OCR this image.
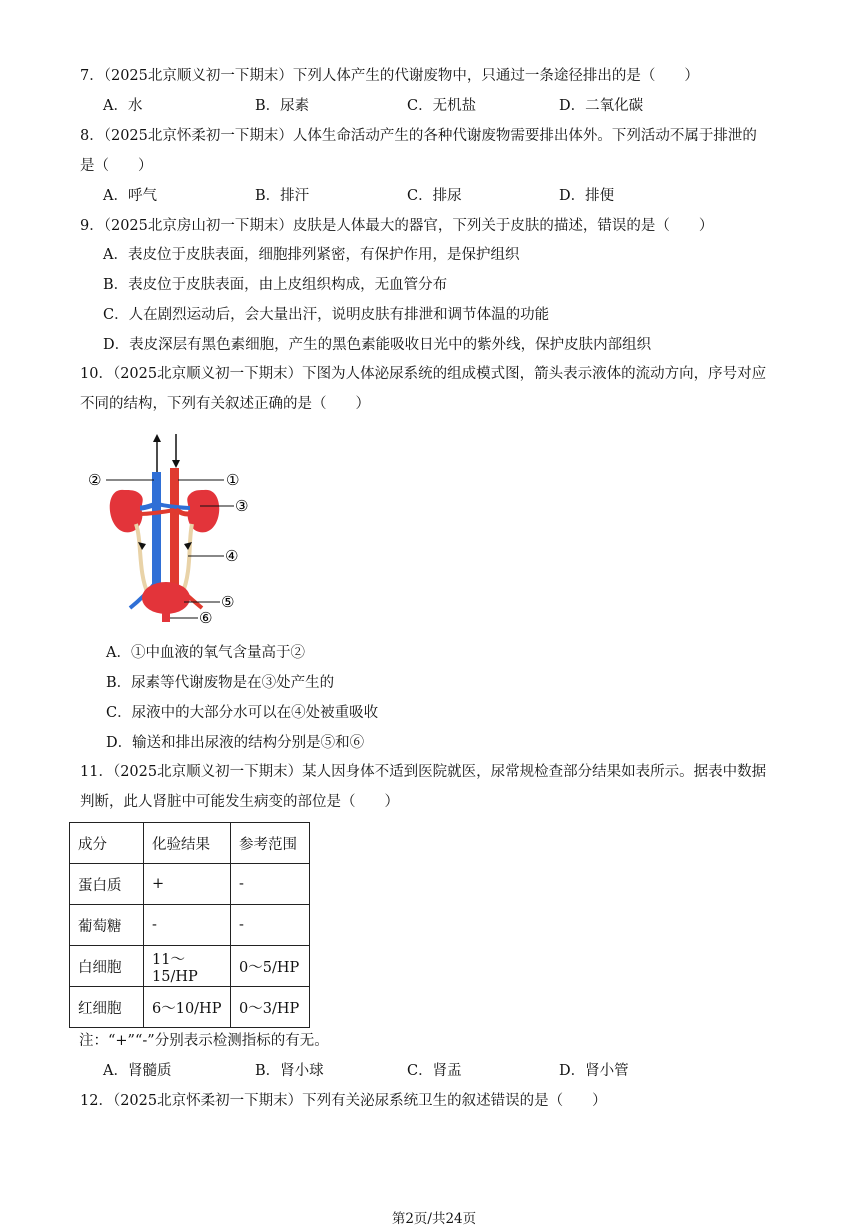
7．（2025北京顺义初一下期末）下列人体产生的代谢废物中，只通过一条途径排出的是（　　）
A．水	B．尿素	C．无机盐	D．二氧化碳
8．（2025北京怀柔初一下期末）人体生命活动产生的各种代谢废物需要排出体外。下列活动不属于排泄的
是（　　）
A．呼气	B．排汗	C．排尿	D．排便
9．（2025北京房山初一下期末）皮肤是人体最大的器官，下列关于皮肤的描述，错误的是（　　）
A．表皮位于皮肤表面，细胞排列紧密，有保护作用，是保护组织
B．表皮位于皮肤表面，由上皮组织构成，无血管分布
C．人在剧烈运动后，会大量出汗，说明皮肤有排泄和调节体温的功能
D．表皮深层有黑色素细胞，产生的黑色素能吸收日光中的紫外线，保护皮肤内部组织
10．（2025北京顺义初一下期末）下图为人体泌尿系统的组成模式图，箭头表示液体的流动方向，序号对应
不同的结构，下列有关叙述正确的是（　　）
②	①
③
④
⑤
⑥
A．①中血液的氧气含量高于②
B．尿素等代谢废物是在③处产生的
C．尿液中的大部分水可以在④处被重吸收
D．输送和排出尿液的结构分别是⑤和⑥
11．（2025北京顺义初一下期末）某人因身体不适到医院就医，尿常规检查部分结果如表所示。据表中数据
判断，此人肾脏中可能发生病变的部位是（　　）
成分	化验结果	参考范围
蛋白质	+	-
葡萄糖	-	-
白细胞	11～15/HP	0～5/HP
红细胞	6～10/HP	0～3/HP
注：“+”“-”分别表示检测指标的有无。
A．肾髓质	B．肾小球	C．肾盂	D．肾小管
12．（2025北京怀柔初一下期末）下列有关泌尿系统卫生的叙述错误的是（　　）
第2页/共24页
